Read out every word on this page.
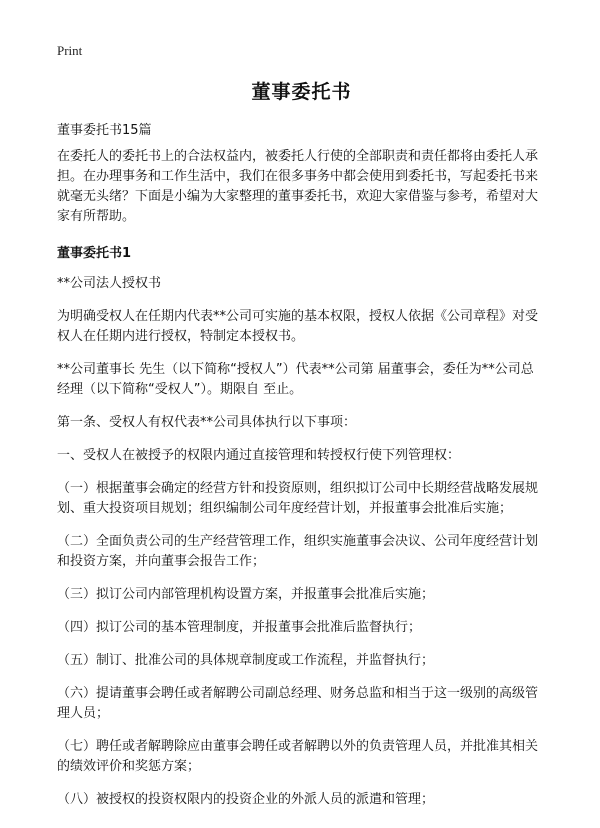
Print
董事委托书

董事委托书15篇

在委托人的委托书上的合法权益内，被委托人行使的全部职责和责任都将由委托人承担。在办理事务和工作生活中，我们在很多事务中都会使用到委托书，写起委托书来就毫无头绪？下面是小编为大家整理的董事委托书，欢迎大家借鉴与参考，希望对大家有所帮助。

董事委托书1

**公司法人授权书

为明确受权人在任期内代表**公司可实施的基本权限，授权人依据《公司章程》对受权人在任期内进行授权，特制定本授权书。

**公司董事长 先生（以下简称“授权人”）代表**公司第 届董事会，委任为**公司总经理（以下简称“受权人”）。期限自 至止。

第一条、受权人有权代表**公司具体执行以下事项：

一、受权人在被授予的权限内通过直接管理和转授权行使下列管理权：

（一）根据董事会确定的经营方针和投资原则，组织拟订公司中长期经营战略发展规划、重大投资项目规划；组织编制公司年度经营计划，并报董事会批准后实施；

（二）全面负责公司的生产经营管理工作，组织实施董事会决议、公司年度经营计划和投资方案，并向董事会报告工作；

（三）拟订公司内部管理机构设置方案，并报董事会批准后实施；

（四）拟订公司的基本管理制度，并报董事会批准后监督执行；

（五）制订、批准公司的具体规章制度或工作流程，并监督执行；

（六）提请董事会聘任或者解聘公司副总经理、财务总监和相当于这一级别的高级管理人员；

（七）聘任或者解聘除应由董事会聘任或者解聘以外的负责管理人员，并批准其相关的绩效评价和奖惩方案；

（八）被授权的投资权限内的投资企业的外派人员的派遣和管理；
